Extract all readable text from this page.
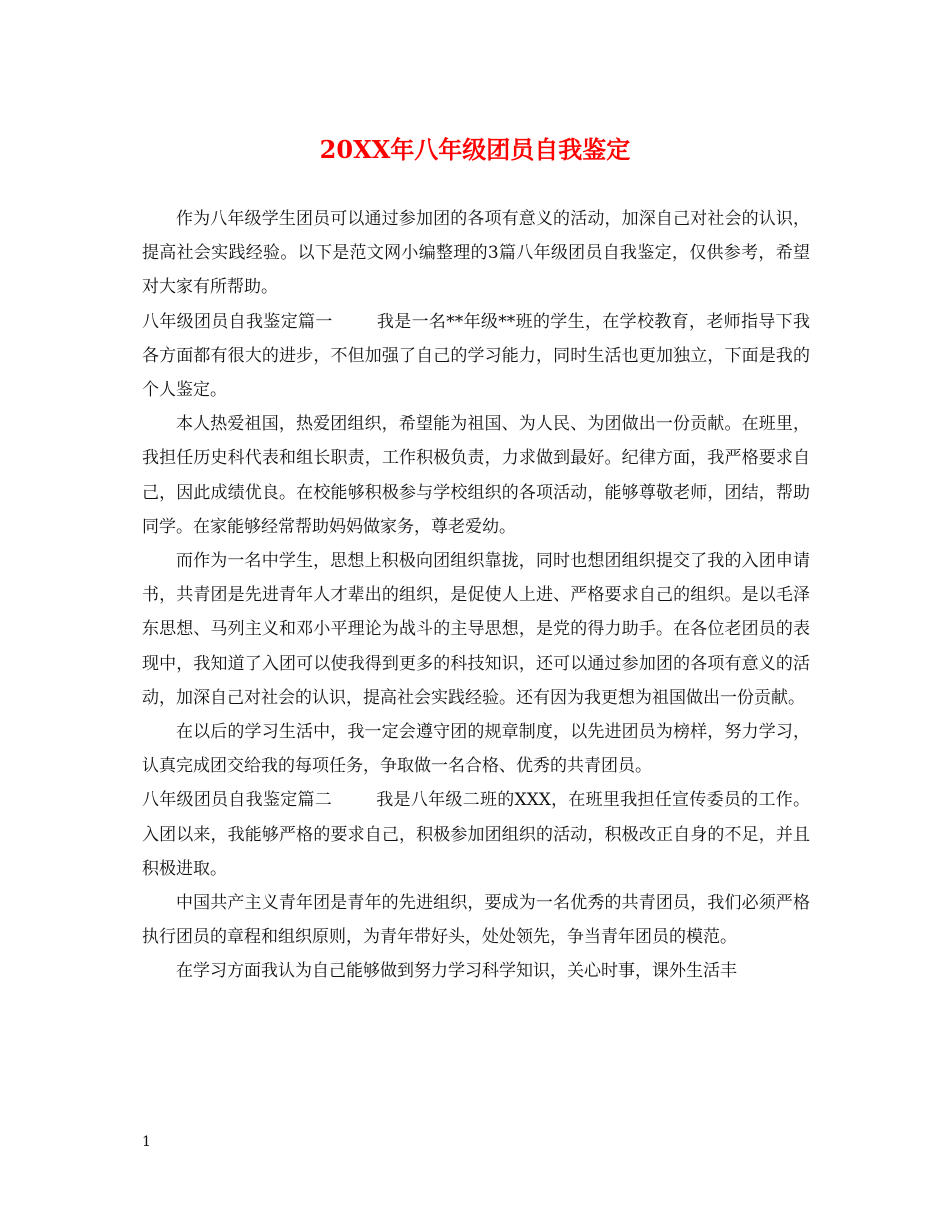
20XX年八年级团员自我鉴定

作为八年级学生团员可以通过参加团的各项有意义的活动，加深自己对社会的认识，提高社会实践经验。以下是范文网小编整理的3篇八年级团员自我鉴定，仅供参考，希望对大家有所帮助。

八年级团员自我鉴定篇一	我是一名**年级**班的学生，在学校教育，老师指导下我各方面都有很大的进步，不但加强了自己的学习能力，同时生活也更加独立，下面是我的个人鉴定。

本人热爱祖国，热爱团组织，希望能为祖国、为人民、为团做出一份贡献。在班里，我担任历史科代表和组长职责，工作积极负责，力求做到最好。纪律方面，我严格要求自己，因此成绩优良。在校能够积极参与学校组织的各项活动，能够尊敬老师，团结，帮助同学。在家能够经常帮助妈妈做家务，尊老爱幼。

而作为一名中学生，思想上积极向团组织靠拢，同时也想团组织提交了我的入团申请书，共青团是先进青年人才辈出的组织，是促使人上进、严格要求自己的组织。是以毛泽东思想、马列主义和邓小平理论为战斗的主导思想，是党的得力助手。在各位老团员的表现中，我知道了入团可以使我得到更多的科技知识，还可以通过参加团的各项有意义的活动，加深自己对社会的认识，提高社会实践经验。还有因为我更想为祖国做出一份贡献。

在以后的学习生活中，我一定会遵守团的规章制度，以先进团员为榜样，努力学习，认真完成团交给我的每项任务，争取做一名合格、优秀的共青团员。

八年级团员自我鉴定篇二	我是八年级二班的XXX，在班里我担任宣传委员的工作。入团以来，我能够严格的要求自己，积极参加团组织的活动，积极改正自身的不足，并且积极进取。

中国共产主义青年团是青年的先进组织，要成为一名优秀的共青团员，我们必须严格执行团员的章程和组织原则，为青年带好头，处处领先，争当青年团员的模范。

在学习方面我认为自己能够做到努力学习科学知识，关心时事，课外生活丰

1
